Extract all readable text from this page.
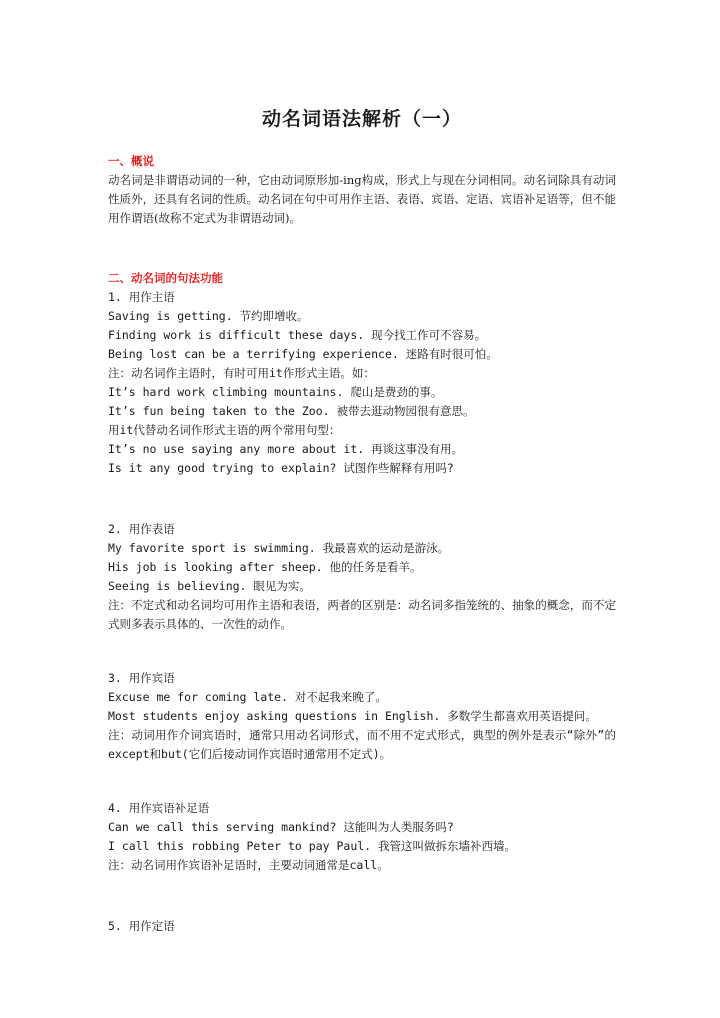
动名词语法解析（一）

一、概说

动名词是非谓语动词的一种，它由动词原形加-ing构成，形式上与现在分词相同。动名词除具有动词性质外，还具有名词的性质。动名词在句中可用作主语、表语、宾语、定语、宾语补足语等，但不能用作谓语(故称不定式为非谓语动词)。

二、动名词的句法功能

1. 用作主语

Saving is getting. 节约即增收。

Finding work is difficult these days. 现今找工作可不容易。

Being lost can be a terrifying experience. 迷路有时很可怕。

注：动名词作主语时，有时可用it作形式主语。如：

It’s hard work climbing mountains. 爬山是费劲的事。

It’s fun being taken to the Zoo. 被带去逛动物园很有意思。

用it代替动名词作形式主语的两个常用句型：

It’s no use saying any more about it. 再谈这事没有用。

Is it any good trying to explain? 试图作些解释有用吗?

2. 用作表语

My favorite sport is swimming. 我最喜欢的运动是游泳。

His job is looking after sheep. 他的任务是看羊。

Seeing is believing. 眼见为实。

注：不定式和动名词均可用作主语和表语，两者的区别是：动名词多指笼统的、抽象的概念，而不定式则多表示具体的、一次性的动作。

3. 用作宾语

Excuse me for coming late. 对不起我来晚了。

Most students enjoy asking questions in English. 多数学生都喜欢用英语提问。

注：动词用作介词宾语时，通常只用动名词形式，而不用不定式形式，典型的例外是表示“除外”的except和but(它们后接动词作宾语时通常用不定式)。

4. 用作宾语补足语

Can we call this serving mankind? 这能叫为人类服务吗?

I call this robbing Peter to pay Paul. 我管这叫做拆东墙补西墙。

注：动名词用作宾语补足语时，主要动词通常是call。

5. 用作定语
